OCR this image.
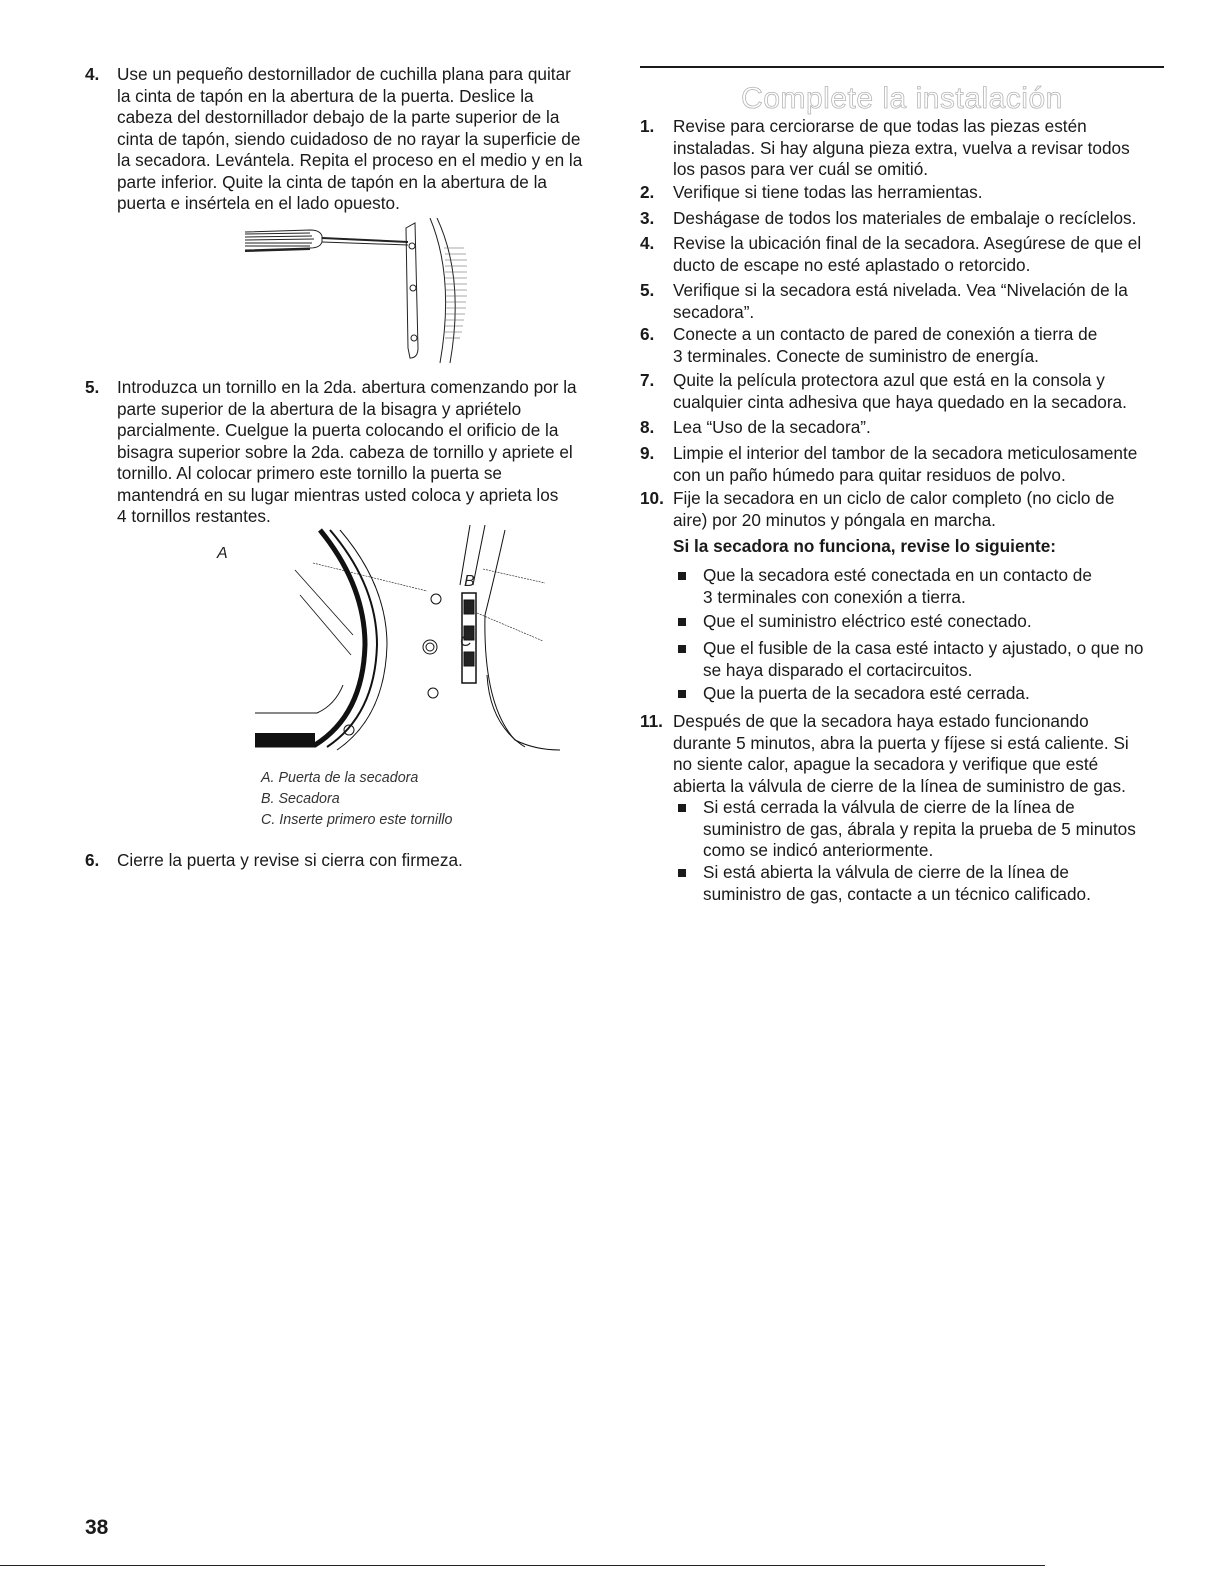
4. Use un pequeño destornillador de cuchilla plana para quitar
la cinta de tapón en la abertura de la puerta. Deslice la
cabeza del destornillador debajo de la parte superior de la
cinta de tapón, siendo cuidadoso de no rayar la superficie de
la secadora. Levántela. Repita el proceso en el medio y en la
parte inferior. Quite la cinta de tapón en la abertura de la
puerta e insértela en el lado opuesto.
5. Introduzca un tornillo en la 2da. abertura comenzando por la
parte superior de la abertura de la bisagra y apriételo
parcialmente. Cuelgue la puerta colocando el orificio de la
bisagra superior sobre la 2da. cabeza de tornillo y apriete el
tornillo. Al colocar primero este tornillo la puerta se
mantendrá en su lugar mientras usted coloca y aprieta los
4 tornillos restantes.
A
B
C
A. Puerta de la secadora
B. Secadora
C. Inserte primero este tornillo
6. Cierre la puerta y revise si cierra con firmeza.
Complete la instalación
1. Revise para cerciorarse de que todas las piezas estén
instaladas. Si hay alguna pieza extra, vuelva a revisar todos
los pasos para ver cuál se omitió.
2. Verifique si tiene todas las herramientas.
3. Deshágase de todos los materiales de embalaje o recíclelos.
4. Revise la ubicación final de la secadora. Asegúrese de que el
ducto de escape no esté aplastado o retorcido.
5. Verifique si la secadora está nivelada. Vea “Nivelación de la
secadora”.
6. Conecte a un contacto de pared de conexión a tierra de
3 terminales. Conecte de suministro de energía.
7. Quite la película protectora azul que está en la consola y
cualquier cinta adhesiva que haya quedado en la secadora.
8. Lea “Uso de la secadora”.
9. Limpie el interior del tambor de la secadora meticulosamente
con un paño húmedo para quitar residuos de polvo.
10. Fije la secadora en un ciclo de calor completo (no ciclo de
aire) por 20 minutos y póngala en marcha.
Si la secadora no funciona, revise lo siguiente:
Que la secadora esté conectada en un contacto de
3 terminales con conexión a tierra.
Que el suministro eléctrico esté conectado.
Que el fusible de la casa esté intacto y ajustado, o que no
se haya disparado el cortacircuitos.
Que la puerta de la secadora esté cerrada.
11. Después de que la secadora haya estado funcionando
durante 5 minutos, abra la puerta y fíjese si está caliente. Si
no siente calor, apague la secadora y verifique que esté
abierta la válvula de cierre de la línea de suministro de gas.
Si está cerrada la válvula de cierre de la línea de
suministro de gas, ábrala y repita la prueba de 5 minutos
como se indicó anteriormente.
Si está abierta la válvula de cierre de la línea de
suministro de gas, contacte a un técnico calificado.
38
